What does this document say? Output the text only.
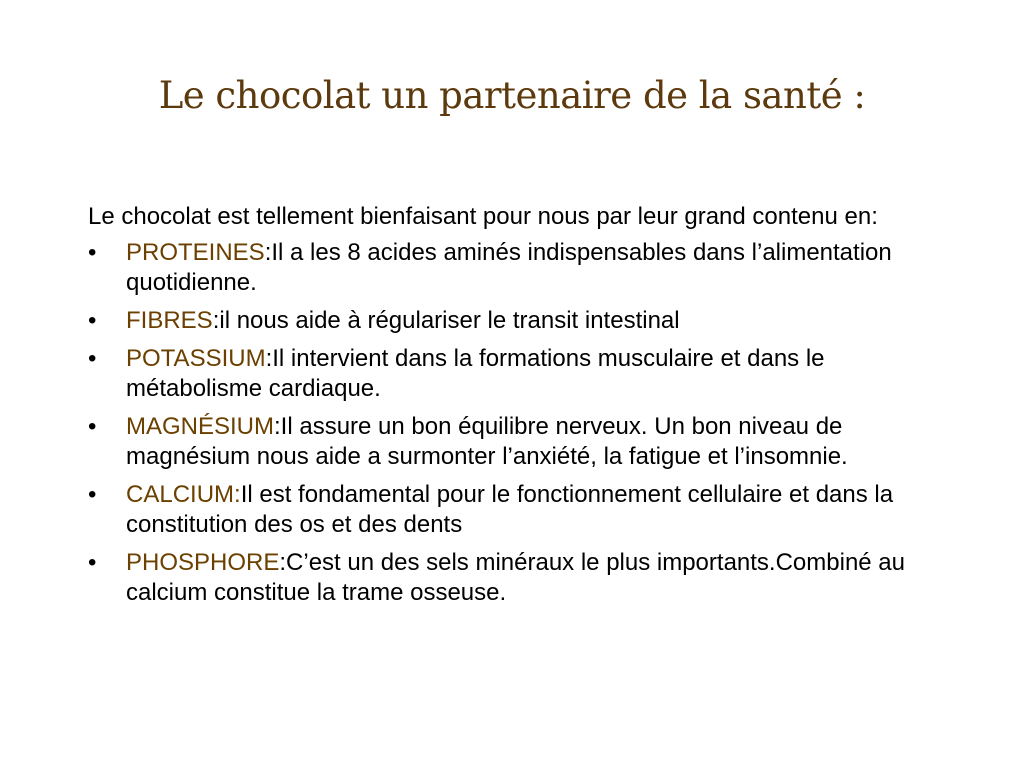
Le chocolat un partenaire de la santé :

Le chocolat est tellement bienfaisant pour nous par leur grand contenu en:

•	PROTEINES:Il a les 8 acides aminés indispensables dans l’alimentation quotidienne.
•	FIBRES:il nous aide à régulariser le transit intestinal
•	POTASSIUM:Il intervient dans la formations musculaire et dans le métabolisme cardiaque.
•	MAGNÉSIUM:Il assure un bon équilibre nerveux. Un bon niveau de magnésium nous aide a surmonter l’anxiété, la fatigue et l’insomnie.
•	CALCIUM:Il est fondamental pour le fonctionnement cellulaire et dans la constitution des os et des dents
•	PHOSPHORE:C’est un des sels minéraux le plus importants.Combiné au calcium constitue la trame osseuse.
